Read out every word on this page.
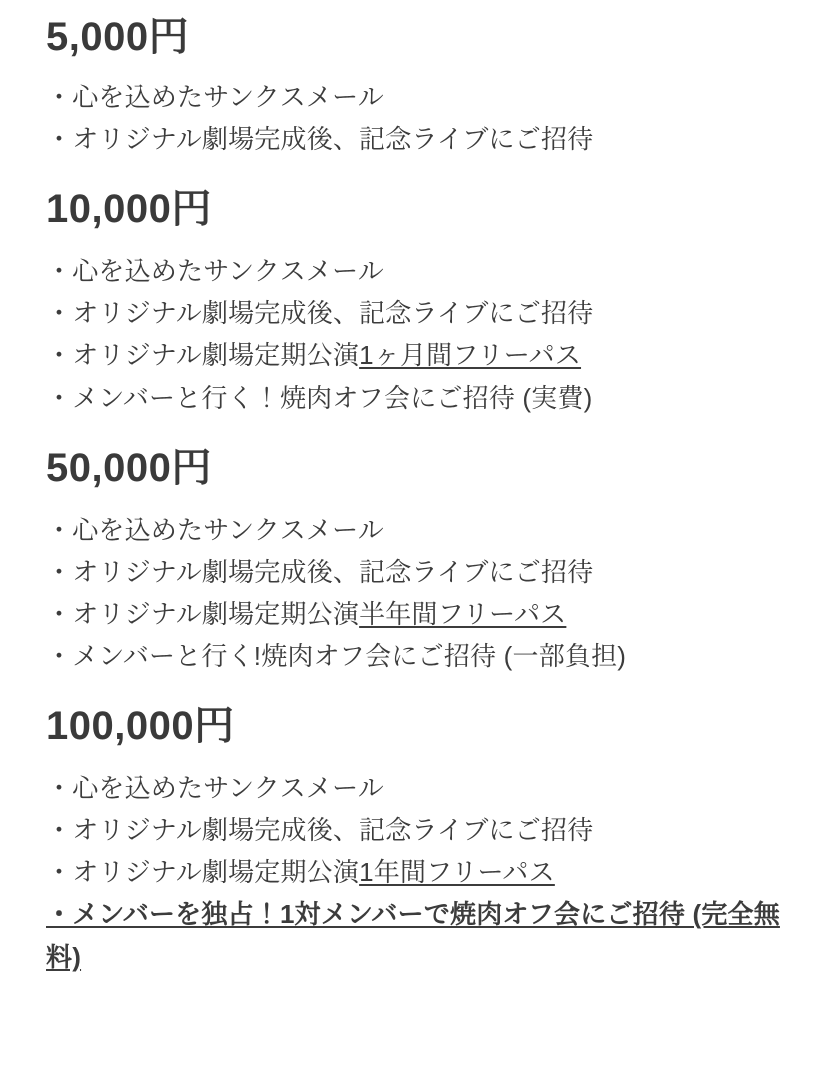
5,000円

・心を込めたサンクスメール

・オリジナル劇場完成後、記念ライブにご招待

10,000円

・心を込めたサンクスメール

・オリジナル劇場完成後、記念ライブにご招待

・オリジナル劇場定期公演1ヶ月間フリーパス

・メンバーと行く！焼肉オフ会にご招待 (実費)

50,000円

・心を込めたサンクスメール

・オリジナル劇場完成後、記念ライブにご招待

・オリジナル劇場定期公演半年間フリーパス

・メンバーと行く!焼肉オフ会にご招待 (一部負担)

100,000円

・心を込めたサンクスメール

・オリジナル劇場完成後、記念ライブにご招待

・オリジナル劇場定期公演1年間フリーパス

・メンバーを独占！1対メンバーで焼肉オフ会にご招待 (完全無料)
